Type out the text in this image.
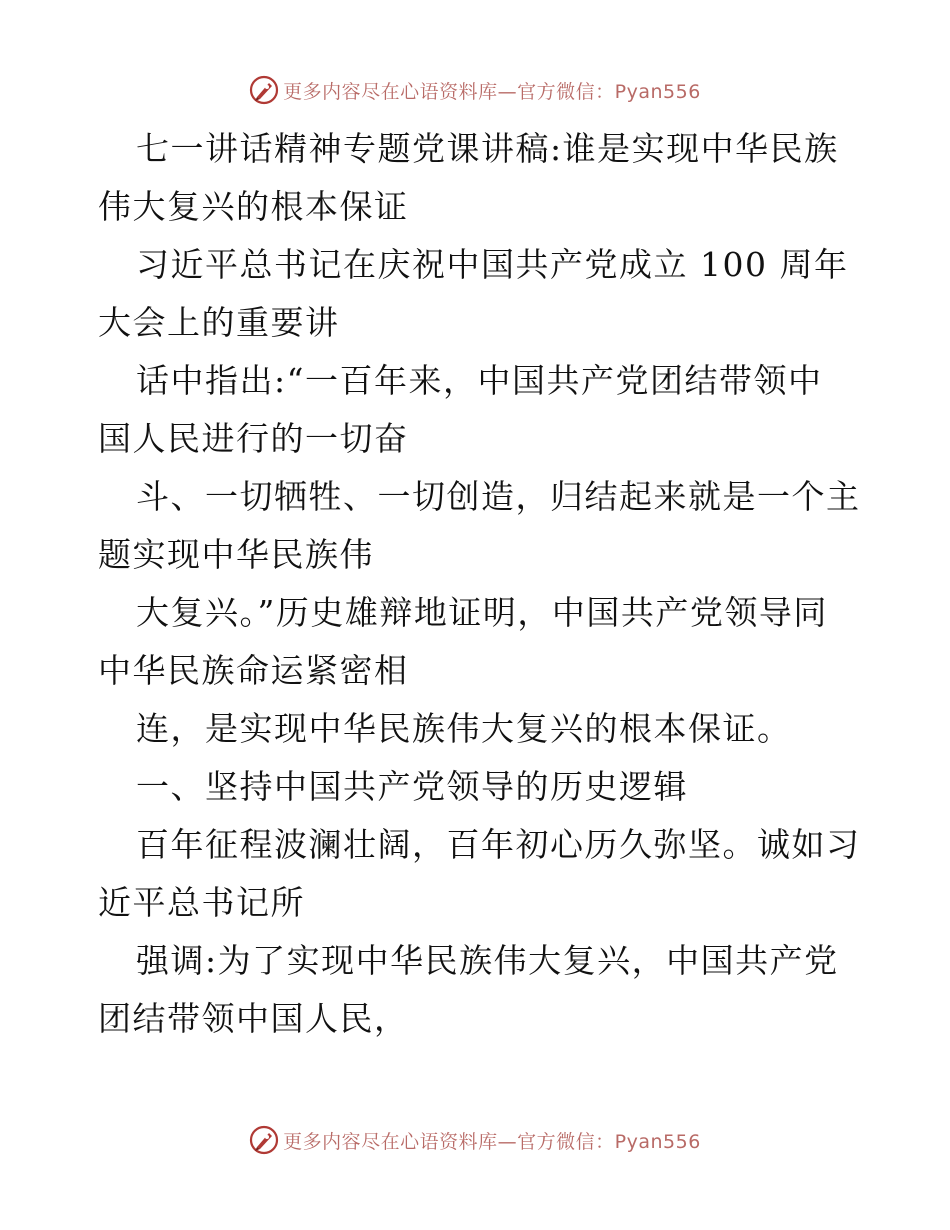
更多内容尽在心语资料库—官方微信：Pyan556

七一讲话精神专题党课讲稿:谁是实现中华民族

伟大复兴的根本保证

习近平总书记在庆祝中国共产党成立 100 周年

大会上的重要讲

话中指出:“一百年来，中国共产党团结带领中

国人民进行的一切奋

斗、一切牺牲、一切创造，归结起来就是一个主

题实现中华民族伟

大复兴。”历史雄辩地证明，中国共产党领导同

中华民族命运紧密相

连，是实现中华民族伟大复兴的根本保证。

一、坚持中国共产党领导的历史逻辑

百年征程波澜壮阔，百年初心历久弥坚。诚如习

近平总书记所

强调:为了实现中华民族伟大复兴，中国共产党

团结带领中国人民，

更多内容尽在心语资料库—官方微信：Pyan556
